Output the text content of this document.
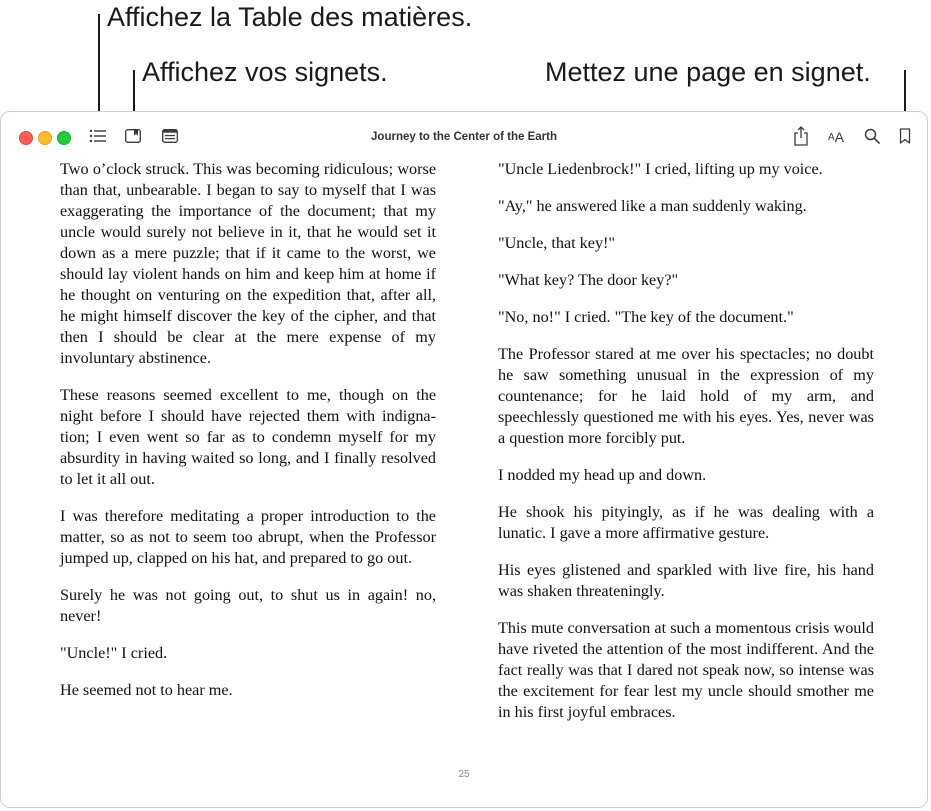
Affichez la Table des matières.
Affichez vos signets.	Mettez une page en signet.
Journey to the Center of the Earth	A A

Two o’clock struck. This was becoming ridiculous; worse than that, unbearable. I began to say to myself that I was exaggerating the importance of the document; that my uncle would surely not believe in it, that he would set it down as a mere puzzle; that if it came to the worst, we should lay violent hands on him and keep him at home if he thought on venturing on the expedition that, after all, he might himself discover the key of the cipher, and that then I should be clear at the mere expense of my involuntary abstinence.

These reasons seemed excellent to me, though on the night before I should have rejected them with indignation; I even went so far as to condemn myself for my absurdity in having waited so long, and I finally resolved to let it all out.

I was therefore meditating a proper introduction to the matter, so as not to seem too abrupt, when the Professor jumped up, clapped on his hat, and prepared to go out.

Surely he was not going out, to shut us in again! no, never!

"Uncle!" I cried.

He seemed not to hear me.

"Uncle Liedenbrock!" I cried, lifting up my voice.

"Ay," he answered like a man suddenly waking.

"Uncle, that key!"

"What key? The door key?"

"No, no!" I cried. "The key of the document."

The Professor stared at me over his spectacles; no doubt he saw something unusual in the expression of my countenance; for he laid hold of my arm, and speechlessly questioned me with his eyes. Yes, never was a question more forcibly put.

I nodded my head up and down.

He shook his pityingly, as if he was dealing with a lunatic. I gave a more affirmative gesture.

His eyes glistened and sparkled with live fire, his hand was shaken threateningly.

This mute conversation at such a momentous crisis would have riveted the attention of the most indifferent. And the fact really was that I dared not speak now, so intense was the excitement for fear lest my uncle should smother me in his first joyful embraces.

25
